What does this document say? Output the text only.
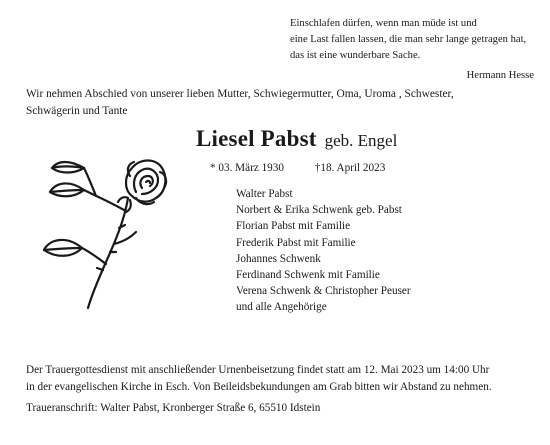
Einschlafen dürfen, wenn man müde ist und
eine Last fallen lassen, die man sehr lange getragen hat,
das ist eine wunderbare Sache.
Hermann Hesse
Wir nehmen Abschied von unserer lieben Mutter, Schwiegermutter, Oma, Uroma , Schwester,
Schwägerin und Tante
Liesel Pabst geb. Engel
* 03. März 1930	†18. April 2023
Walter Pabst
Norbert & Erika Schwenk geb. Pabst
Florian Pabst mit Familie
Frederik Pabst mit Familie
Johannes Schwenk
Ferdinand Schwenk mit Familie
Verena Schwenk & Christopher Peuser
und alle Angehörige
Der Trauergottesdienst mit anschließender Urnenbeisetzung findet statt am 12. Mai 2023 um 14:00 Uhr
in der evangelischen Kirche in Esch. Von Beileidsbekundungen am Grab bitten wir Abstand zu nehmen.
Traueranschrift: Walter Pabst, Kronberger Straße 6, 65510 Idstein
